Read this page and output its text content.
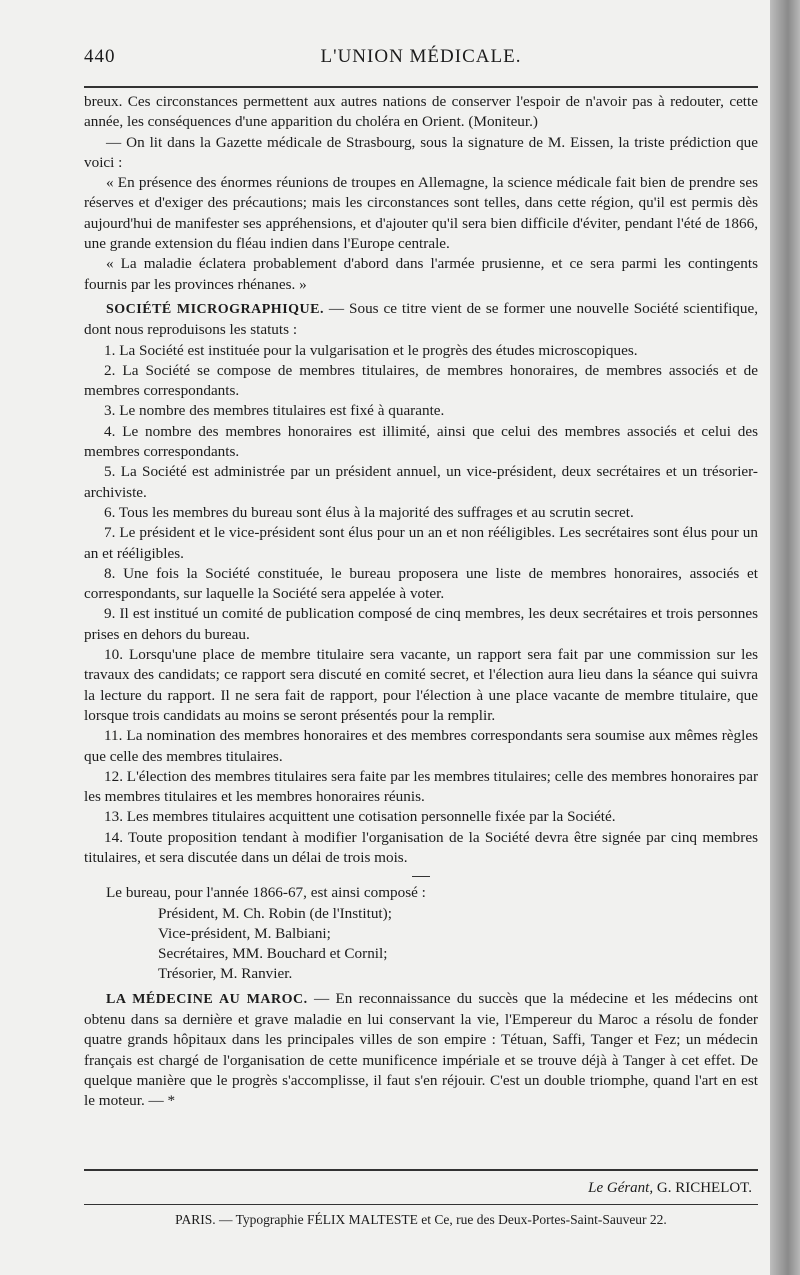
440	L'UNION MÉDICALE.

breux. Ces circonstances permettent aux autres nations de conserver l'espoir de n'avoir pas à redouter, cette année, les conséquences d'une apparition du choléra en Orient. (Moniteur.)

— On lit dans la Gazette médicale de Strasbourg, sous la signature de M. Eissen, la triste prédiction que voici :

« En présence des énormes réunions de troupes en Allemagne, la science médicale fait bien de prendre ses réserves et d'exiger des précautions; mais les circonstances sont telles, dans cette région, qu'il est permis dès aujourd'hui de manifester ses appréhensions, et d'ajouter qu'il sera bien difficile d'éviter, pendant l'été de 1866, une grande extension du fléau indien dans l'Europe centrale.

« La maladie éclatera probablement d'abord dans l'armée prusienne, et ce sera parmi les contingents fournis par les provinces rhénanes. »

SOCIÉTÉ MICROGRAPHIQUE. — Sous ce titre vient de se former une nouvelle Société scientifique, dont nous reproduisons les statuts :

1. La Société est instituée pour la vulgarisation et le progrès des études microscopiques.

2. La Société se compose de membres titulaires, de membres honoraires, de membres associés et de membres correspondants.

3. Le nombre des membres titulaires est fixé à quarante.

4. Le nombre des membres honoraires est illimité, ainsi que celui des membres associés et celui des membres correspondants.

5. La Société est administrée par un président annuel, un vice-président, deux secrétaires et un trésorier-archiviste.

6. Tous les membres du bureau sont élus à la majorité des suffrages et au scrutin secret.

7. Le président et le vice-président sont élus pour un an et non rééligibles. Les secrétaires sont élus pour un an et rééligibles.

8. Une fois la Société constituée, le bureau proposera une liste de membres honoraires, associés et correspondants, sur laquelle la Société sera appelée à voter.

9. Il est institué un comité de publication composé de cinq membres, les deux secrétaires et trois personnes prises en dehors du bureau.

10. Lorsqu'une place de membre titulaire sera vacante, un rapport sera fait par une commission sur les travaux des candidats; ce rapport sera discuté en comité secret, et l'élection aura lieu dans la séance qui suivra la lecture du rapport. Il ne sera fait de rapport, pour l'élection à une place vacante de membre titulaire, que lorsque trois candidats au moins se seront présentés pour la remplir.

11. La nomination des membres honoraires et des membres correspondants sera soumise aux mêmes règles que celle des membres titulaires.

12. L'élection des membres titulaires sera faite par les membres titulaires; celle des membres honoraires par les membres titulaires et les membres honoraires réunis.

13. Les membres titulaires acquittent une cotisation personnelle fixée par la Société.

14. Toute proposition tendant à modifier l'organisation de la Société devra être signée par cinq membres titulaires, et sera discutée dans un délai de trois mois.

Le bureau, pour l'année 1866-67, est ainsi composé :
Président, M. Ch. Robin (de l'Institut);
Vice-président, M. Balbiani;
Secrétaires, MM. Bouchard et Cornil;
Trésorier, M. Ranvier.

LA MÉDECINE AU MAROC. — En reconnaissance du succès que la médecine et les médecins ont obtenu dans sa dernière et grave maladie en lui conservant la vie, l'Empereur du Maroc a résolu de fonder quatre grands hôpitaux dans les principales villes de son empire : Tétuan, Saffi, Tanger et Fez; un médecin français est chargé de l'organisation de cette munificence impériale et se trouve déjà à Tanger à cet effet. De quelque manière que le progrès s'accomplisse, il faut s'en réjouir. C'est un double triomphe, quand l'art en est le moteur. — *

Le Gérant, G. RICHELOT.
PARIS. — Typographie FÉLIX MALTESTE et Ce, rue des Deux-Portes-Saint-Sauveur 22.
